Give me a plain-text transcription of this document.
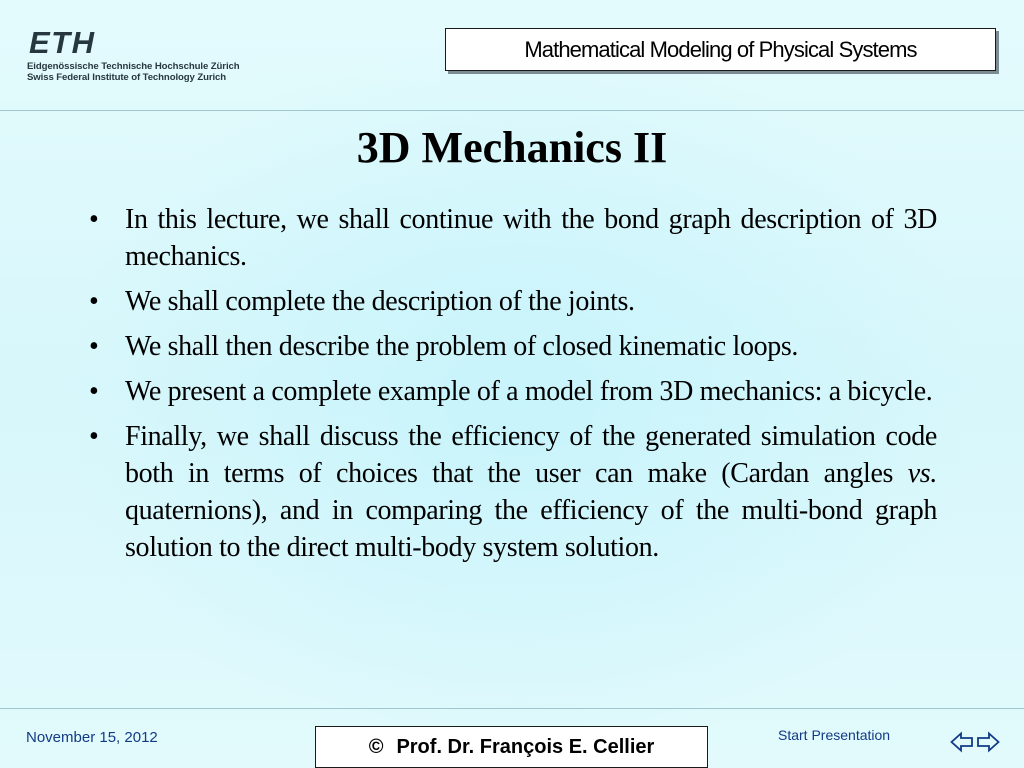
ETH
Eidgenössische Technische Hochschule Zürich
Swiss Federal Institute of Technology Zurich
Mathematical Modeling of Physical Systems
3D Mechanics II
• In this lecture, we shall continue with the bond graph description of 3D mechanics.
• We shall complete the description of the joints.
• We shall then describe the problem of closed kinematic loops.
• We present a complete example of a model from 3D mechanics: a bicycle.
• Finally, we shall discuss the efficiency of the generated simulation code both in terms of choices that the user can make (Cardan angles vs. quaternions), and in comparing the efficiency of the multi-bond graph solution to the direct multi-body system solution.
November 15, 2012	© Prof. Dr. François E. Cellier
Start Presentation
